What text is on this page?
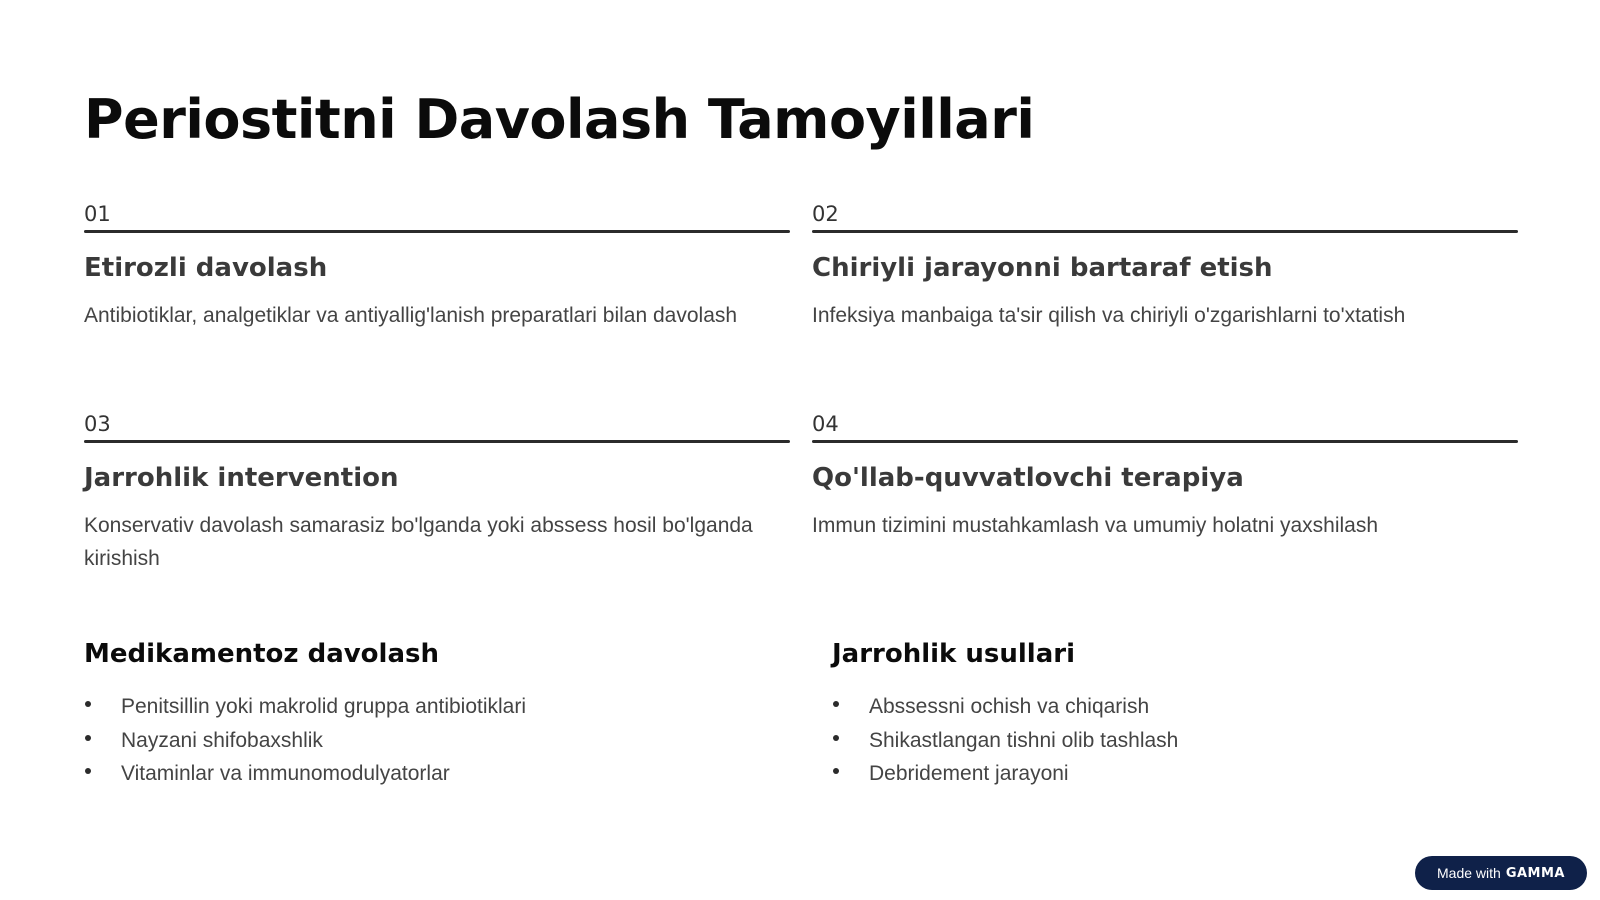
Periostitni Davolash Tamoyillari
01
Etirozli davolash
Antibiotiklar, analgetiklar va antiyallig'lanish preparatlari bilan davolash
02
Chiriyli jarayonni bartaraf etish
Infeksiya manbaiga ta'sir qilish va chiriyli o'zgarishlarni to'xtatish
03
Jarrohlik intervention
Konservativ davolash samarasiz bo'lganda yoki abssess hosil bo'lganda kirishish
04
Qo'llab-quvvatlovchi terapiya
Immun tizimini mustahkamlash va umumiy holatni yaxshilash
Medikamentoz davolash
Penitsillin yoki makrolid gruppa antibiotiklari
Nayzani shifobaxshlik
Vitaminlar va immunomodulyatorlar
Jarrohlik usullari
Abssessni ochish va chiqarish
Shikastlangan tishni olib tashlash
Debridement jarayoni
Made with GAMMA
